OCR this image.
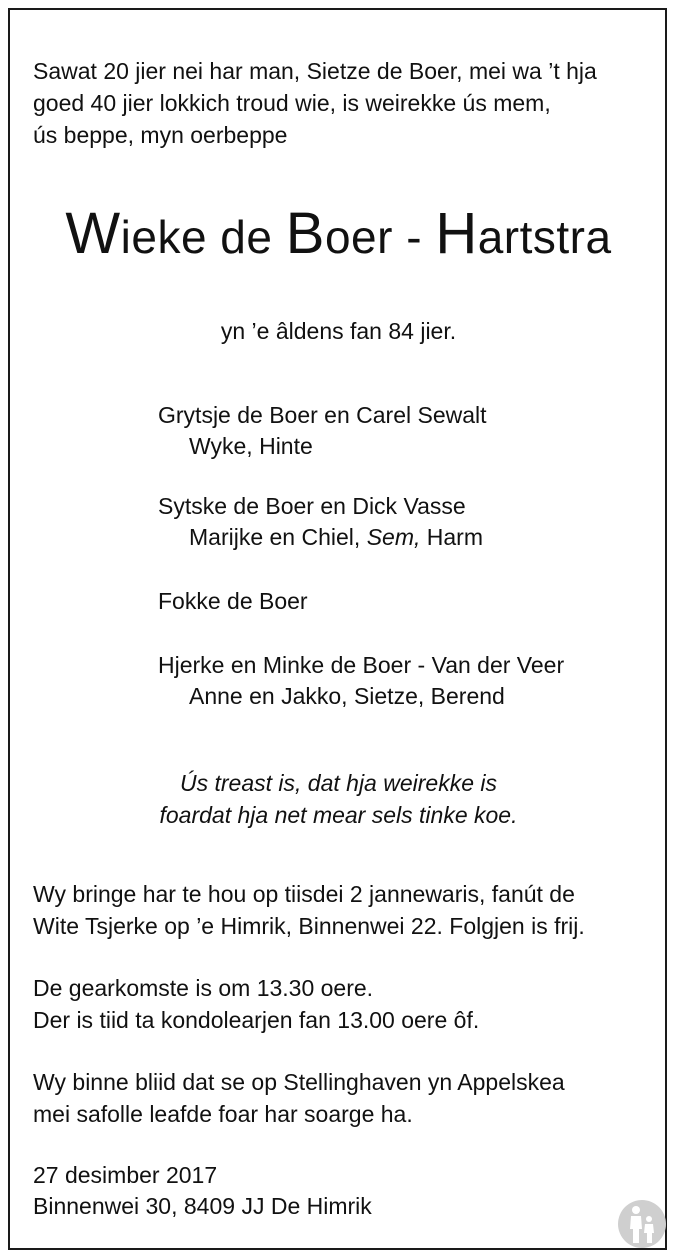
Sawat 20 jier nei har man, Sietze de Boer, mei wa ’t hja
goed 40 jier lokkich troud wie, is weirekke ús mem,
ús beppe, myn oerbeppe
Wieke de Boer - Hartstra
yn ’e âldens fan 84 jier.
Grytsje de Boer en Carel Sewalt
Wyke, Hinte
Sytske de Boer en Dick Vasse
Marijke en Chiel, Sem, Harm
Fokke de Boer
Hjerke en Minke de Boer - Van der Veer
Anne en Jakko, Sietze, Berend
Ús treast is, dat hja weirekke is
foardat hja net mear sels tinke koe.
Wy bringe har te hou op tiisdei 2 jannewaris, fanút de
Wite Tsjerke op ’e Himrik, Binnenwei 22. Folgjen is frij.
De gearkomste is om 13.30 oere.
Der is tiid ta kondolearjen fan 13.00 oere ôf.
Wy binne bliid dat se op Stellinghaven yn Appelskea
mei safolle leafde foar har soarge ha.
27 desimber 2017
Binnenwei 30, 8409 JJ De Himrik
